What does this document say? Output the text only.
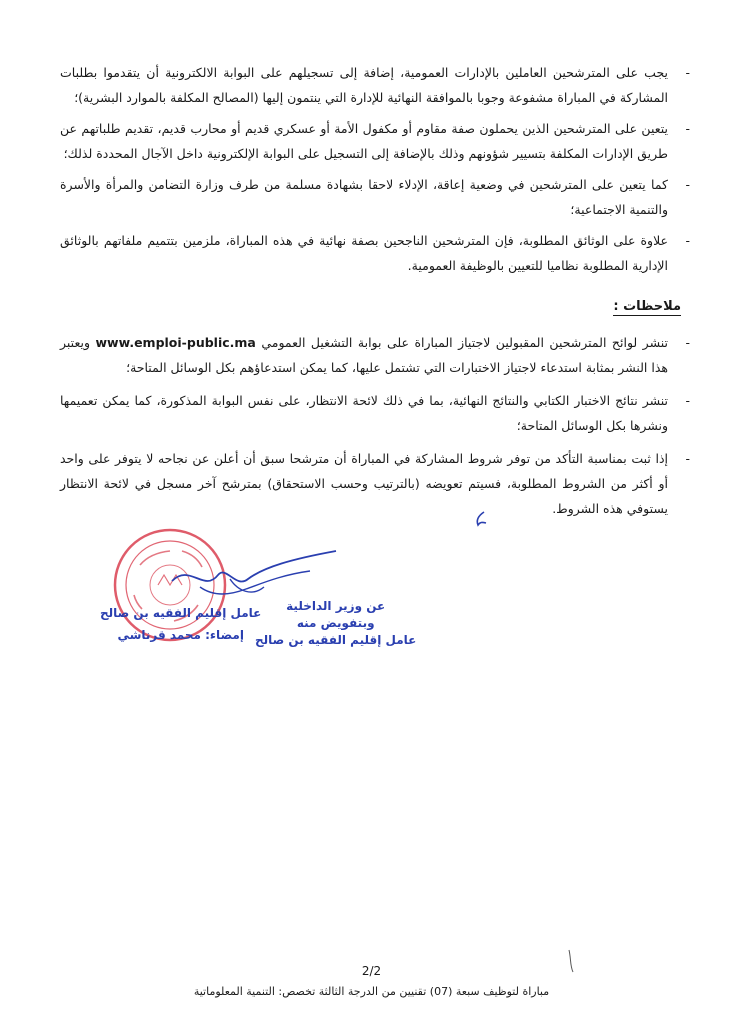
-
يجب على المترشحين العاملين بالإدارات العمومية، إضافة إلى تسجيلهم على البوابة الالكترونية أن يتقدموا بطلبات المشاركة في المباراة مشفوعة وجوبا بالموافقة النهائية للإدارة التي ينتمون إليها (المصالح المكلفة بالموارد البشرية)؛
-
يتعين على المترشحين الذين يحملون صفة مقاوم أو مكفول الأمة أو عسكري قديم أو محارب قديم، تقديم طلباتهم عن طريق الإدارات المكلفة بتسيير شؤونهم وذلك بالإضافة إلى التسجيل على البوابة الإلكترونية داخل الآجال المحددة لذلك؛
-
كما يتعين على المترشحين في وضعية إعاقة، الإدلاء لاحقا بشهادة مسلمة من طرف وزارة التضامن والمرأة والأسرة والتنمية الاجتماعية؛
-
علاوة على الوثائق المطلوبة، فإن المترشحين الناجحين بصفة نهائية في هذه المباراة، ملزمين بتتميم ملفاتهم بالوثائق الإدارية المطلوبة نظاميا للتعيين بالوظيفة العمومية.
ملاحظات :
-
تنشر لوائح المترشحين المقبولين لاجتياز المباراة على بوابة التشغيل العمومي www.emploi-public.ma ويعتبر هذا النشر بمثابة استدعاء لاجتياز الاختبارات التي تشتمل عليها، كما يمكن استدعاؤهم بكل الوسائل المتاحة؛
-
تنشر نتائج الاختبار الكتابي والنتائج النهائية، بما في ذلك لائحة الانتظار، على نفس البوابة المذكورة، كما يمكن تعميمها ونشرها بكل الوسائل المتاحة؛
-
إذا ثبت بمناسبة التأكد من توفر شروط المشاركة في المباراة أن مترشحا سبق أن أعلن عن نجاحه لا يتوفر على واحد أو أكثر من الشروط المطلوبة، فسيتم تعويضه (بالترتيب وحسب الاستحقاق) بمترشح آخر مسجل في لائحة الانتظار يستوفي هذه الشروط.
عامل إقليم الفقيه بن صالح
إمضاء: محمد قرناشي
عن وزير الداخلية
وبتفويض منه
عامل إقليم الفقيه بن صالح
2/2
مباراة لتوظيف سبعة (07) تقنيين من الدرجة الثالثة تخصص: التنمية المعلوماتية
